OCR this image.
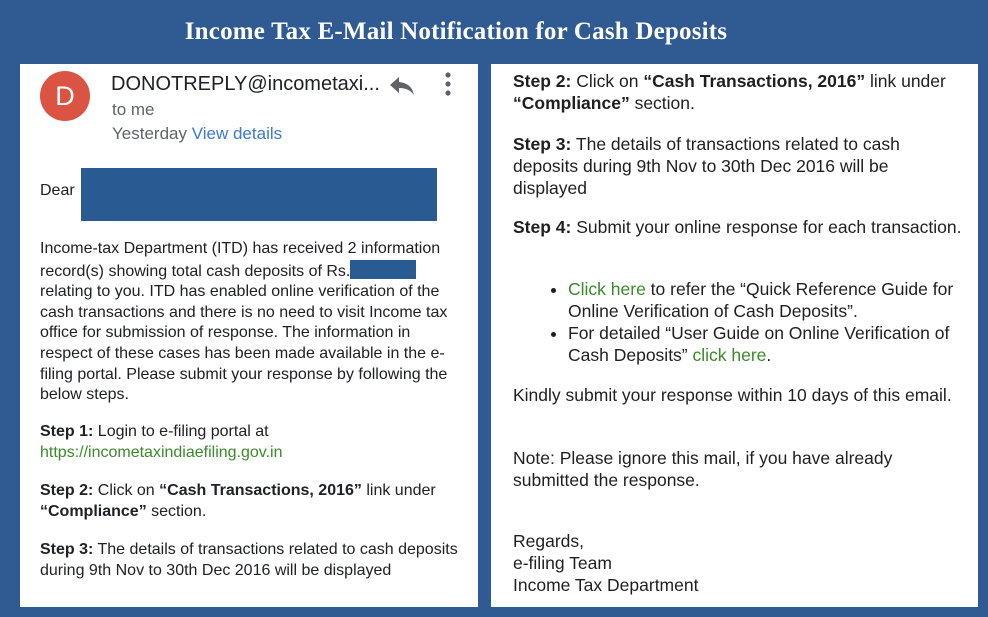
Income Tax E-Mail Notification for Cash Deposits
D	DONOTREPLY@incometaxi...
to me
Yesterday View details
Dear
Income-tax Department (ITD) has received 2 information record(s) showing total cash deposits of Rs.relating to you. ITD has enabled online verification of the cash transactions and there is no need to visit Income tax office for submission of response. The information in respect of these cases has been made available in the e-filing portal. Please submit your response by following the below steps.
Step 1: Login to e-filing portal at
https://incometaxindiaefiling.gov.in
Step 2: Click on “Cash Transactions, 2016” link under “Compliance” section.
Step 3: The details of transactions related to cash deposits during 9th Nov to 30th Dec 2016 will be displayed
Step 2: Click on “Cash Transactions, 2016” link under “Compliance” section.
Step 3: The details of transactions related to cash deposits during 9th Nov to 30th Dec 2016 will be displayed
Step 4: Submit your online response for each transaction.
• Click here to refer the “Quick Reference Guide for Online Verification of Cash Deposits”.
• For detailed “User Guide on Online Verification of Cash Deposits” click here.
Kindly submit your response within 10 days of this email.
Note: Please ignore this mail, if you have already submitted the response.
Regards,
e-filing Team
Income Tax Department
